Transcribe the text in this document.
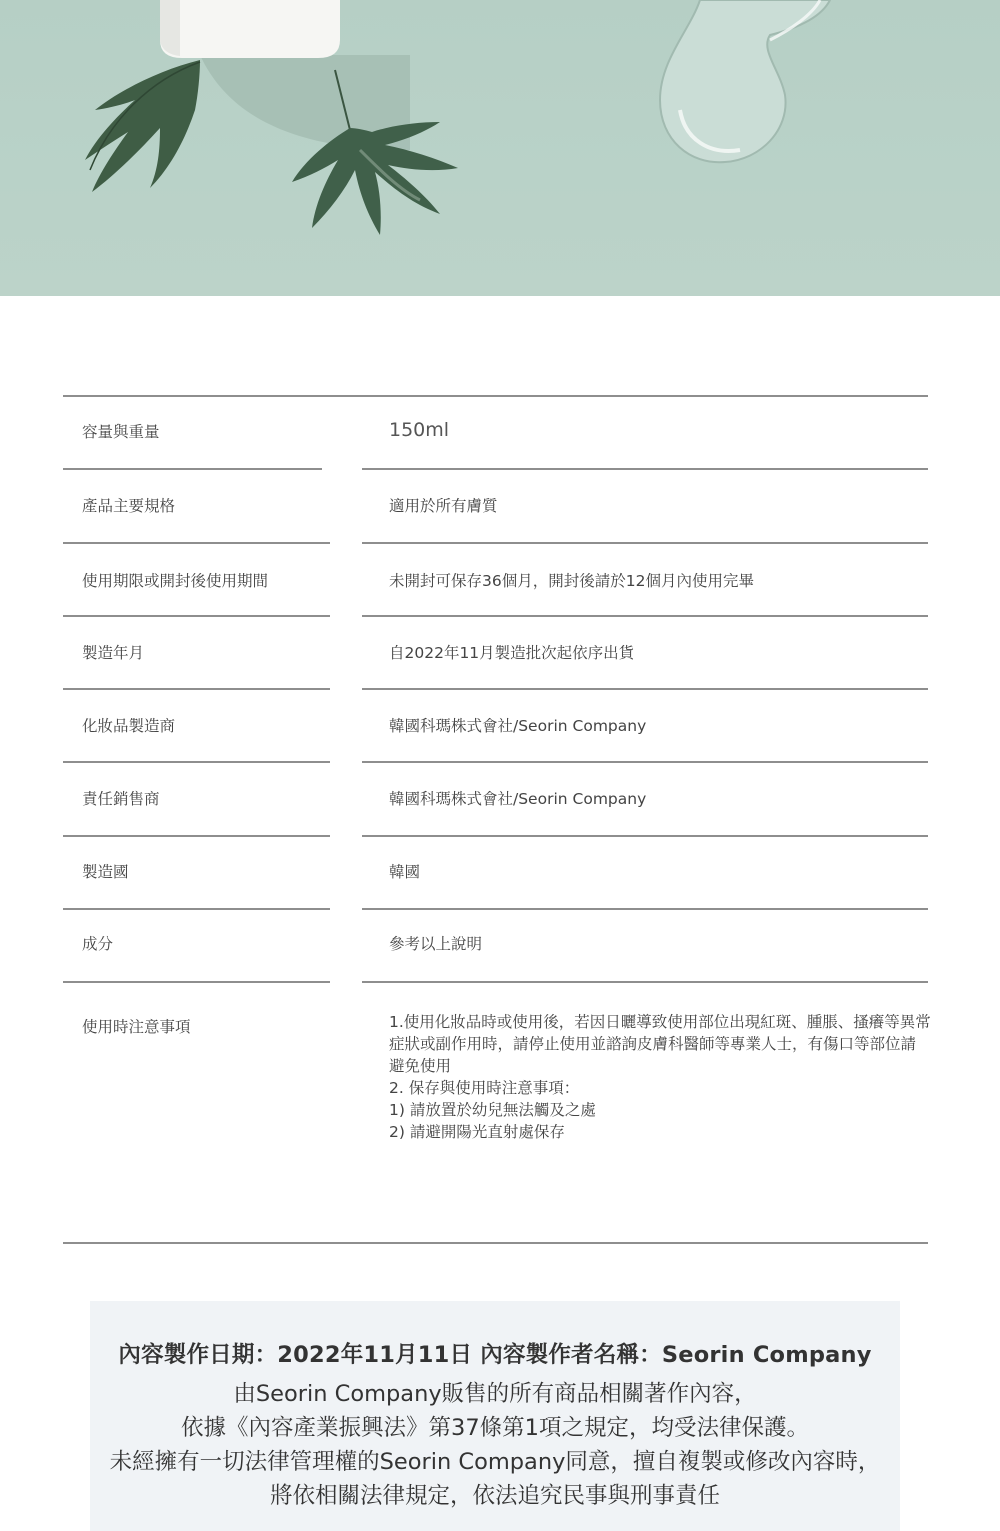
容量與重量	150ml
產品主要規格	適用於所有膚質
使用期限或開封後使用期間	未開封可保存36個月，開封後請於12個月內使用完畢
製造年月	自2022年11月製造批次起依序出貨
化妝品製造商	韓國科瑪株式會社/Seorin Company
責任銷售商	韓國科瑪株式會社/Seorin Company
製造國	韓國
成分	參考以上說明
使用時注意事項	1.使用化妝品時或使用後，若因日曬導致使用部位出現紅斑、腫脹、搔癢等異常
症狀或副作用時，請停止使用並諮詢皮膚科醫師等專業人士，有傷口等部位請
避免使用
2. 保存與使用時注意事項：
1) 請放置於幼兒無法觸及之處
2) 請避開陽光直射處保存
內容製作日期：2022年11月11日 內容製作者名稱：Seorin Company
由Seorin Company販售的所有商品相關著作內容，
依據《內容產業振興法》第37條第1項之規定，均受法律保護。
未經擁有一切法律管理權的Seorin Company同意，擅自複製或修改內容時，
將依相關法律規定，依法追究民事與刑事責任
